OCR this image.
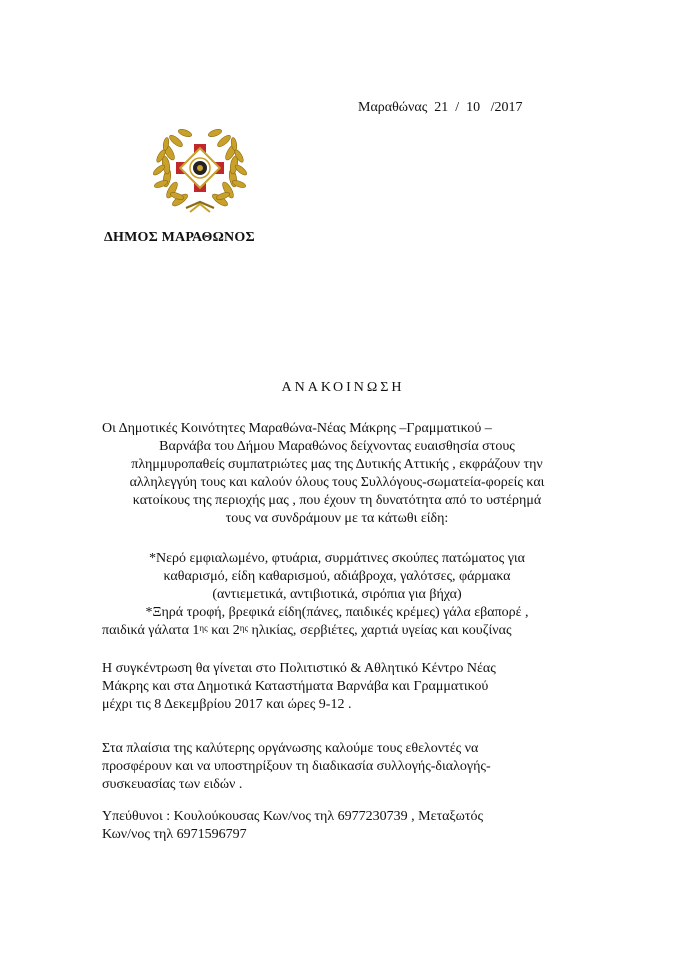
Μαραθώνας  21  /  10   /2017
ΔΗΜΟΣ ΜΑΡΑΘΩΝΟΣ
ΑΝΑΚΟΙΝΩΣΗ
Οι Δημοτικές Κοινότητες Μαραθώνα-Νέας Μάκρης –Γραμματικού –
Βαρνάβα του Δήμου Μαραθώνος δείχνοντας ευαισθησία στους
πλημμυροπαθείς συμπατριώτες μας της Δυτικής Αττικής , εκφράζουν την
αλληλεγγύη τους και καλούν όλους τους Συλλόγους-σωματεία-φορείς και
κατοίκους της περιοχής μας , που έχουν τη δυνατότητα από το υστέρημά
τους να συνδράμουν με τα κάτωθι είδη:
*Νερό εμφιαλωμένο, φτυάρια, συρμάτινες σκούπες πατώματος για
καθαρισμό, είδη καθαρισμού, αδιάβροχα, γαλότσες, φάρμακα
(αντιεμετικά, αντιβιοτικά, σιρόπια για βήχα)
*Ξηρά τροφή, βρεφικά είδη(πάνες, παιδικές κρέμες) γάλα εβαπορέ ,
παιδικά γάλατα $1^{\eta\varsigma}$ και $2^{\eta\varsigma}$ ηλικίας, σερβιέτες, χαρτιά υγείας και κουζίνας
Η συγκέντρωση θα γίνεται στο Πολιτιστικό & Αθλητικό Κέντρο Νέας
Μάκρης και στα Δημοτικά Καταστήματα Βαρνάβα και Γραμματικού
μέχρι τις 8 Δεκεμβρίου 2017 και ώρες 9-12 .
Στα πλαίσια της καλύτερης οργάνωσης καλούμε τους εθελοντές να
προσφέρουν και να υποστηρίξουν τη διαδικασία συλλογής-διαλογής-
συσκευασίας των ειδών .
Υπεύθυνοι : Κουλούκουσας Κων/νος τηλ 6977230739 , Μεταξωτός
Κων/νος τηλ 6971596797
